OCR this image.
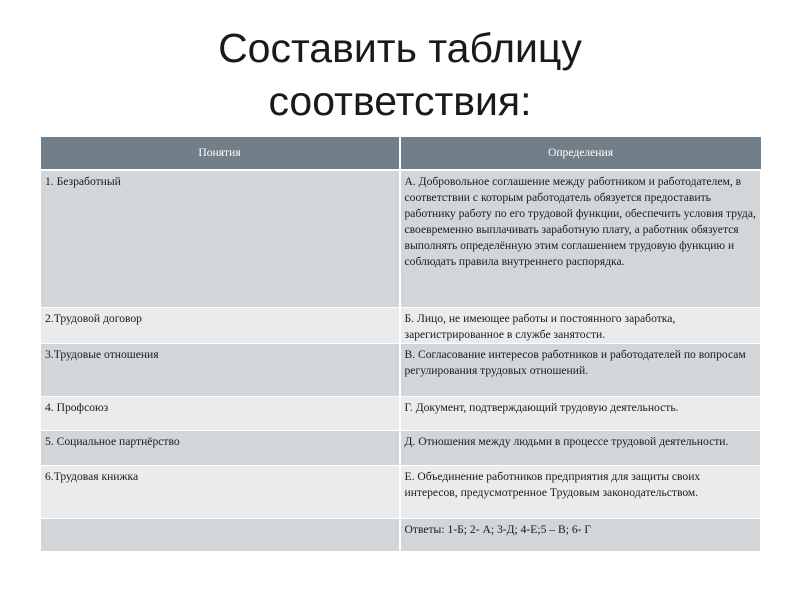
Составить таблицу
соответствия:
Понятия	Определения
1. Безработный	А. Добровольное соглашение между работником и работодателем, в соответствии с которым работодатель обязуется предоставить работнику работу по его трудовой функции, обеспечить условия труда, своевременно выплачивать заработную плату, а работник обязуется выполнять определённую этим соглашением трудовую функцию и соблюдать правила внутреннего распорядка.
2.Трудовой договор	Б. Лицо, не имеющее работы и постоянного заработка, зарегистрированное в службе занятости.
3.Трудовые отношения	В. Согласование интересов работников и работодателей по вопросам регулирования трудовых отношений.
4. Профсоюз	Г. Документ, подтверждающий трудовую деятельность.
5. Социальное партнёрство	Д. Отношения между людьми в процессе трудовой деятельности.
6.Трудовая книжка	Е. Объединение работников предприятия для защиты своих интересов, предусмотренное Трудовым законодательством.
	Ответы: 1-Б; 2- А; 3-Д; 4-Е;5 – В; 6- Г
